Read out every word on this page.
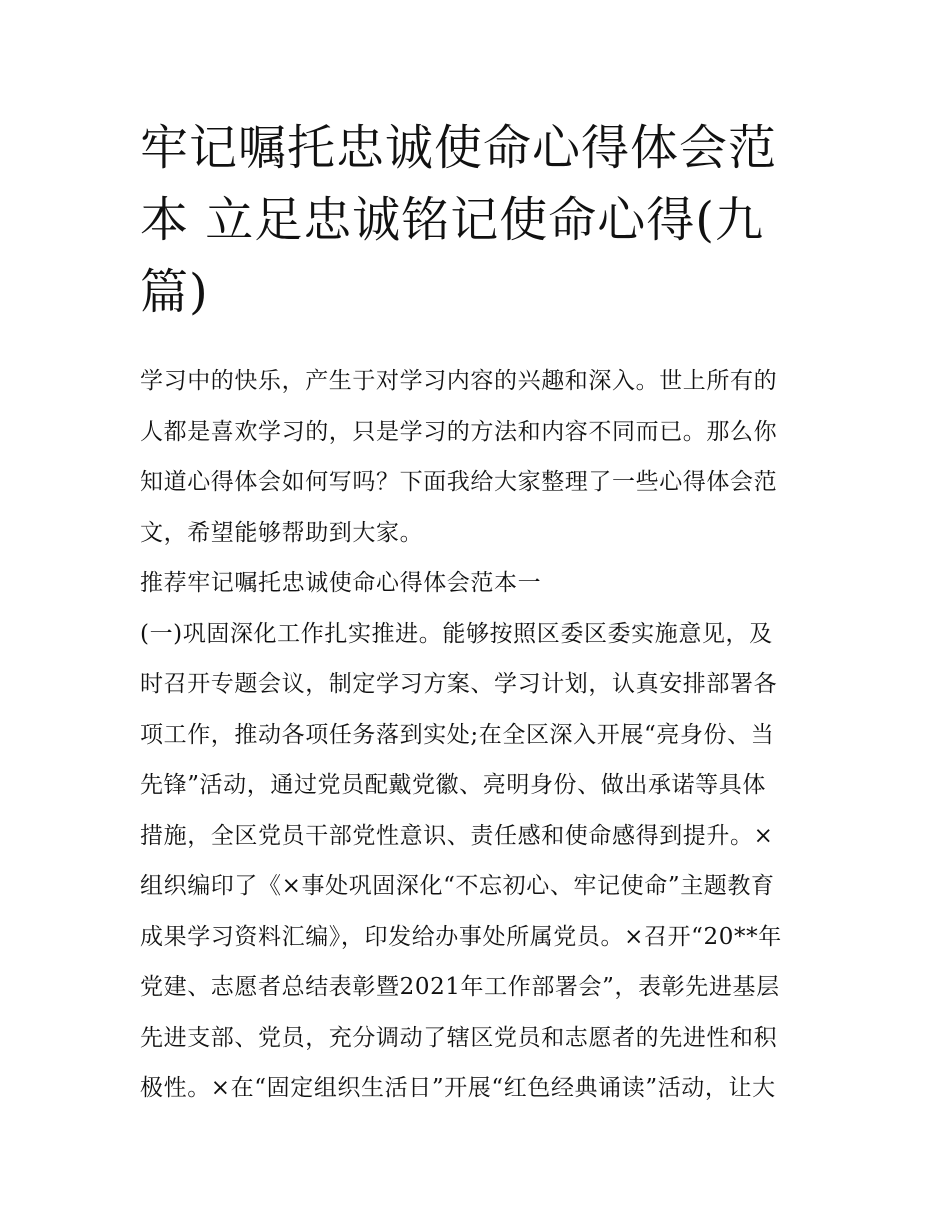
牢记嘱托忠诚使命心得体会范
本 立足忠诚铭记使命心得(九
篇)
学习中的快乐，产生于对学习内容的兴趣和深入。世上所有的
人都是喜欢学习的，只是学习的方法和内容不同而已。那么你
知道心得体会如何写吗？下面我给大家整理了一些心得体会范
文，希望能够帮助到大家。
推荐牢记嘱托忠诚使命心得体会范本一
(一)巩固深化工作扎实推进。能够按照区委区委实施意见，及
时召开专题会议，制定学习方案、学习计划，认真安排部署各
项工作，推动各项任务落到实处;在全区深入开展“亮身份、当
先锋”活动，通过党员配戴党徽、亮明身份、做出承诺等具体
措施，全区党员干部党性意识、责任感和使命感得到提升。×
组织编印了《×事处巩固深化“不忘初心、牢记使命”主题教育
成果学习资料汇编》，印发给办事处所属党员。×召开“20**年
党建、志愿者总结表彰暨2021年工作部署会”，表彰先进基层
先进支部、党员，充分调动了辖区党员和志愿者的先进性和积
极性。×在“固定组织生活日”开展“红色经典诵读”活动，让大
